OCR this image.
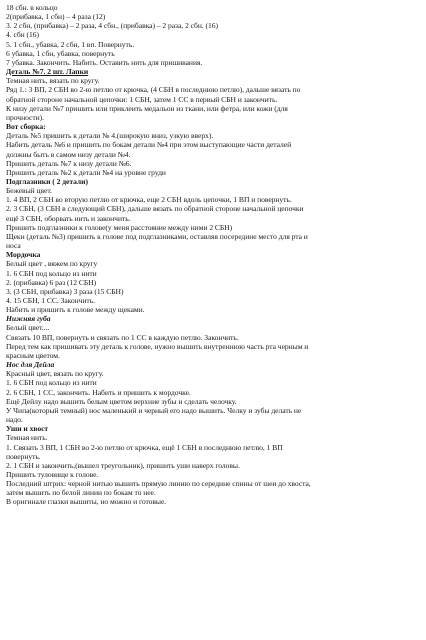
18 сбн. в кольцо
2(прибавка, 1 сбн) – 4 раза (12)
3. 2 сбн, (прибавка) – 2 раза, 4 сбн., (прибавка) – 2 раза, 2 сбн. (16)
4. сбн (16)
5. 1 сбн., убавка, 2 сбн, 1 вп. Повернуть.
6 убавка, 1 сбн, убавка, повернуть
7 убавка. Закончить. Набить. Оставить нить для пришивания.
Деталь №7. 2 шт. Лапки
Темная нить, вязать по кругу.
Ряд 1.: 3 ВП, 2 СБН во 2-ю петлю от крючка, (4 СБН в последнюю петлю), дальше вязать по
обратной стороне начальной цепочки: 1 СБН, затем 1 СС в первый СБН и закончить.
К низу детали №7 пришить или приклеить медальон из ткани, или фетра, или кожи (для
прочности).
Вот сборка:
Деталь №5 пришить к детали № 4.(широкую вниз, узкую вверх).
Набить деталь №6 и пришить по бокам детали №4 при этом выступающие части деталей
должны быть в самом низу детали №4.
Пришить деталь №7 к низу детали №6.
Пришить деталь №2 к детали №4 на уровне груди
Подглазники ( 2 детали)
Бежевый цвет.
1. 4 ВП, 2 СБН во вторую петлю от крючка, еще 2 СБН вдоль цепочки, 1 ВП и повернуть.
2. 3 СБН, (3 СБН в следующий СБН), дальше вязать по обратной стороне начальной цепочки
ещё 3 СБН, оборвать нить и закончить.
Пришить подглазники к голове(у меня расстояние между ними 2 СБН)
Щеки (деталь №3) пришить к голове под подглазниками, оставляя посередине место для рта и
носа
Мордочка
Белый цвет , вяжем по кругу
1. 6 СБН под кольцо из нити
2. (прибавка) 6 раз (12 СБН)
3. (3 СБН, прибавка) 3 раза (15 СБН)
4. 15 СБН, 1 СС. Закончить.
Набить и пришить к голове между щеками.
Нижняя губа
Белый цвет....
Связать 10 ВП, повернуть и связать по 1 СС в каждую петлю. Закончить.
Перед тем как пришивать эту деталь к голове, нужно вышить внутреннюю часть рта черным и
красным цветом.
Нос для Дейла
Красный цвет, вязать по кругу.
1. 6 СБН под кольцо из нити
2. 6 СБН, 1 СС, закончить. Набить и пришить к мордочке.
Ещё Дейлу надо вышить белым цветом верхние зубы и сделать челочку.
У Чипа(который темный) нос маленький и черный его надо вышить. Челку и зубы делать не
надо.
Уши и хвост
Темная нить.
1. Связать 3 ВП, 1 СБН во 2-ю петлю от крючка, ещё 1 СБН в последнюю петлю, 1 ВП
повернуть.
2. 1 СБН и закончить,(вышел треугольник), пришить уши наверх головы.
Пришить туловище к голове.
Последний штрих: черной нитью вышить прямую линию по середине спины от шеи до хвоста,
затем вышить по белой линии по бокам то нее.
В оригинале глазки вышиты, но можно и готовые.
